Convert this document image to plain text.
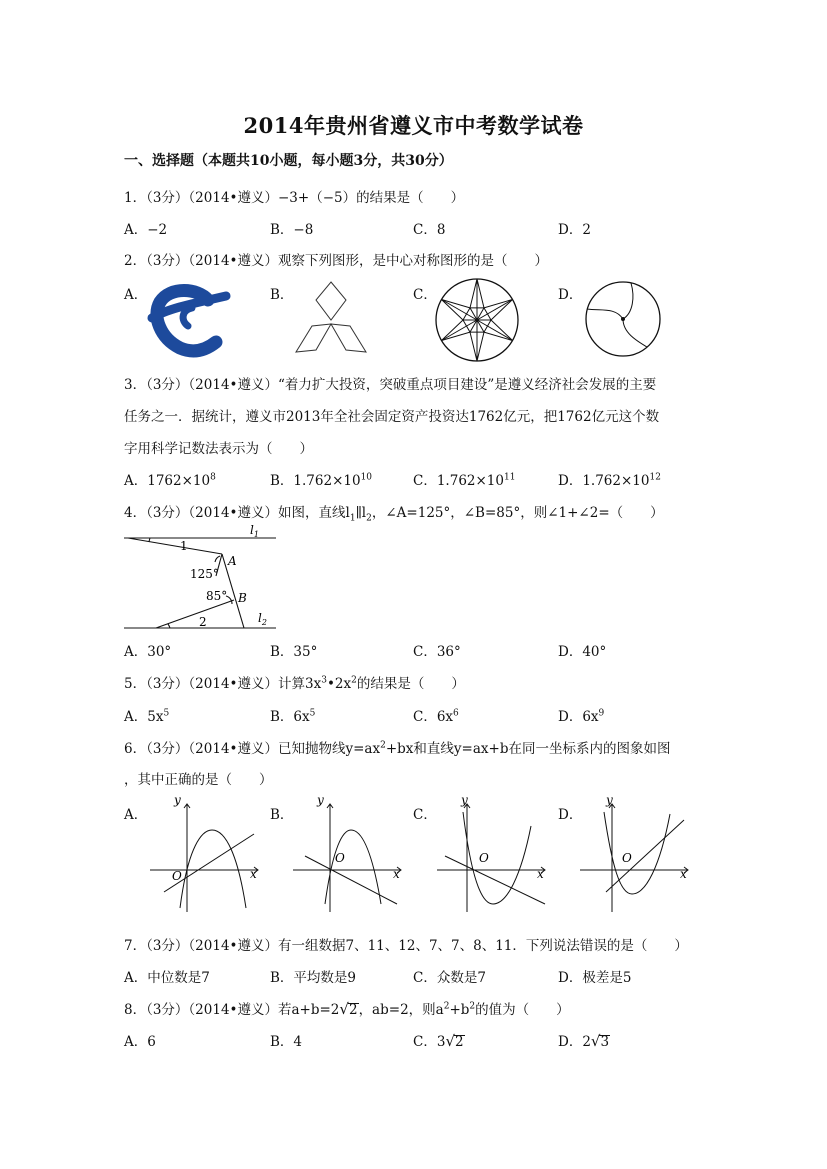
2014年贵州省遵义市中考数学试卷
一、选择题（本题共10小题，每小题3分，共30分）
1．（3分）（2014•遵义）−3+（−5）的结果是（　　）
A．−2	B．−8	C．8	D．2
2．（3分）（2014•遵义）观察下列图形，是中心对称图形的是（　　）
A．	B．	C．	D．
3．（3分）（2014•遵义）“着力扩大投资，突破重点项目建设”是遵义经济社会发展的主要
任务之一．据统计，遵义市2013年全社会固定资产投资达1762亿元，把1762亿元这个数
字用科学记数法表示为（　　）
A．$1762\times 10^8$	B．$1.762\times 10^{10}$	C．$1.762\times 10^{11}$	D．$1.762\times 10^{12}$
4．（3分）（2014•遵义）如图，直线$l_1\parallel l_2$，∠A=125°，∠B=85°，则∠1+∠2=（　　）
1
2
A
B
125°
85°
$l_1$
$l_2$
A．30°	B．35°	C．36°	D．40°
5．（3分）（2014•遵义）计算$3x^3•2x^2$的结果是（　　）
A．$5x^5$	B．$6x^5$	C．$6x^6$	D．$6x^9$
6．（3分）（2014•遵义）已知抛物线$y=ax^2+bx$和直线y=ax+b在同一坐标系内的图象如图
，其中正确的是（　　）
A．	B．	C．	D．
y
x
O
y
x
O
y
x
O
y
x
O
7．（3分）（2014•遵义）有一组数据7、11、12、7、7、8、11．下列说法错误的是（　　）
A．中位数是7	B．平均数是9	C．众数是7	D．极差是5
8．（3分）（2014•遵义）若a+b=2√2，ab=2，则$a^2+b^2$的值为（　　）
A．6	B．4	C．3√2	D．2√3
